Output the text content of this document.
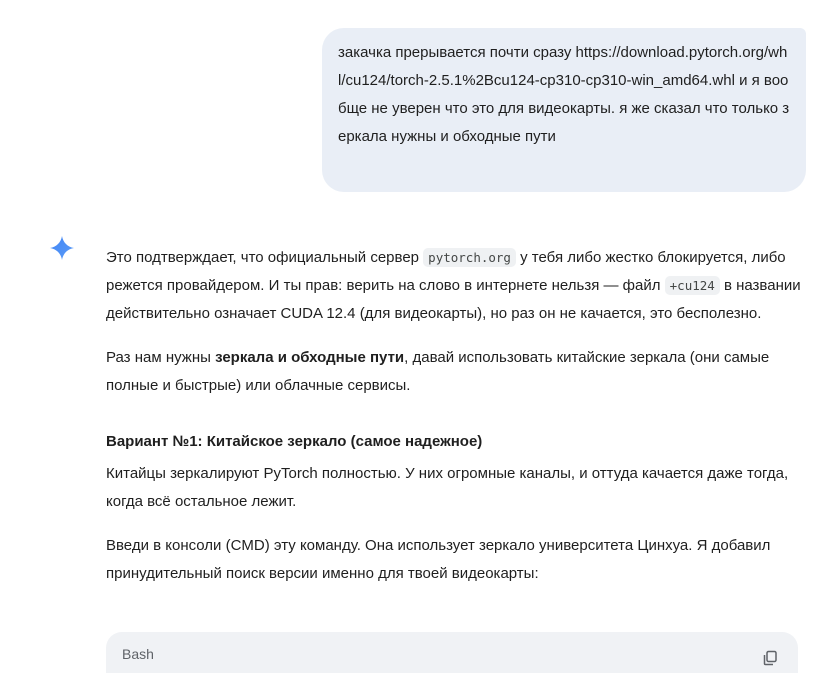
закачка прерывается почти сразу https://download.pytorch.org/whl/cu124/torch-2.5.1%2Bcu124-cp310-cp310-win_amd64.whl и я вообще не уверен что это для видеокарты. я же сказал что только зеркала нужны и обходные пути

Это подтверждает, что официальный сервер pytorch.org у тебя либо жестко блокируется, либо режется провайдером. И ты прав: верить на слово в интернете нельзя — файл +cu124 в названии действительно означает CUDA 12.4 (для видеокарты), но раз он не качается, это бесполезно.

Раз нам нужны зеркала и обходные пути, давай использовать китайские зеркала (они самые полные и быстрые) или облачные сервисы.

Вариант №1: Китайское зеркало (самое надежное)

Китайцы зеркалируют PyTorch полностью. У них огромные каналы, и оттуда качается даже тогда, когда всё остальное лежит.

Введи в консоли (CMD) эту команду. Она использует зеркало университета Цинхуа. Я добавил принудительный поиск версии именно для твоей видеокарты:

Bash
